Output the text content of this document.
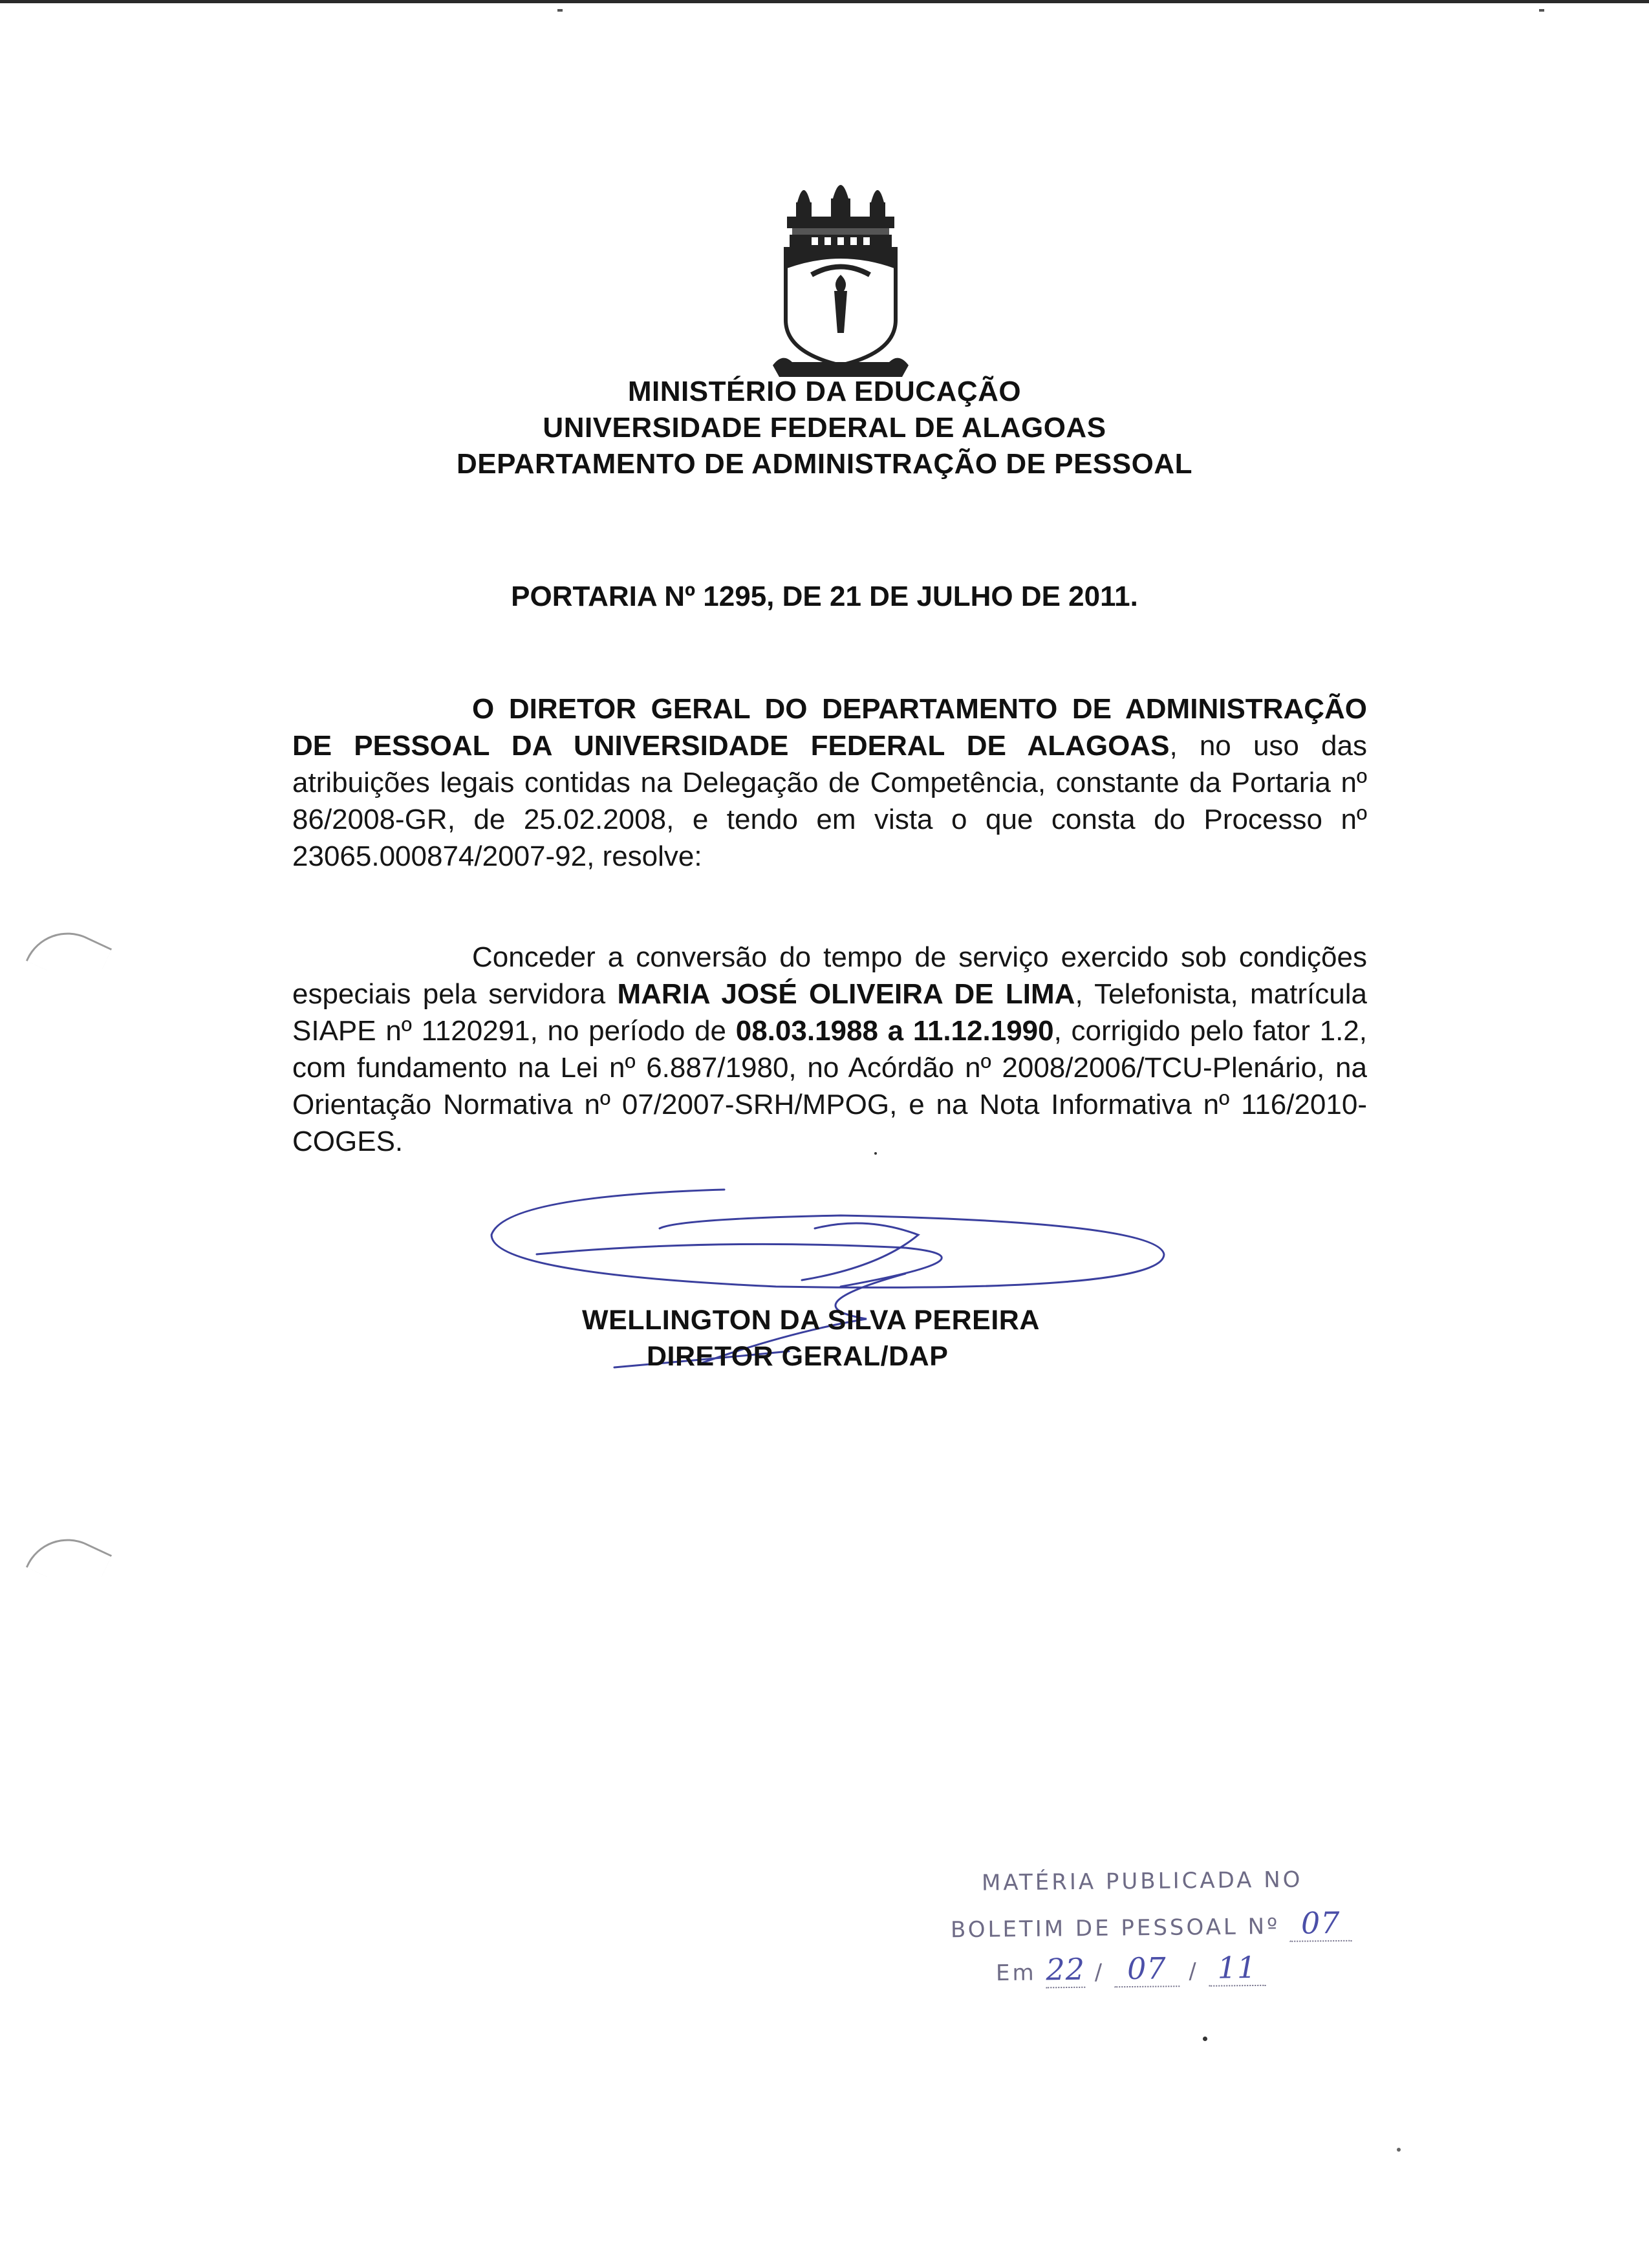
MINISTÉRIO DA EDUCAÇÃO
UNIVERSIDADE FEDERAL DE ALAGOAS
DEPARTAMENTO DE ADMINISTRAÇÃO DE PESSOAL
PORTARIA Nº 1295, DE 21 DE JULHO DE 2011.
O DIRETOR GERAL DO DEPARTAMENTO DE ADMINISTRAÇÃO DE PESSOAL DA UNIVERSIDADE FEDERAL DE ALAGOAS, no uso das atribuições legais contidas na Delegação de Competência, constante da Portaria nº 86/2008-GR, de 25.02.2008, e tendo em vista o que consta do Processo nº 23065.000874/2007-92, resolve:
Conceder a conversão do tempo de serviço exercido sob condições especiais pela servidora MARIA JOSÉ OLIVEIRA DE LIMA, Telefonista, matrícula SIAPE nº 1120291, no período de 08.03.1988 a 11.12.1990, corrigido pelo fator 1.2, com fundamento na Lei nº 6.887/1980, no Acórdão nº 2008/2006/TCU-Plenário, na Orientação Normativa nº 07/2007-SRH/MPOG, e na Nota Informativa nº 116/2010-COGES.
WELLINGTON DA SILVA PEREIRA
DIRETOR GERAL/DAP
MATÉRIA PUBLICADA NO
BOLETIM DE PESSOAL Nº 07
Em 22 / 07 / 11
